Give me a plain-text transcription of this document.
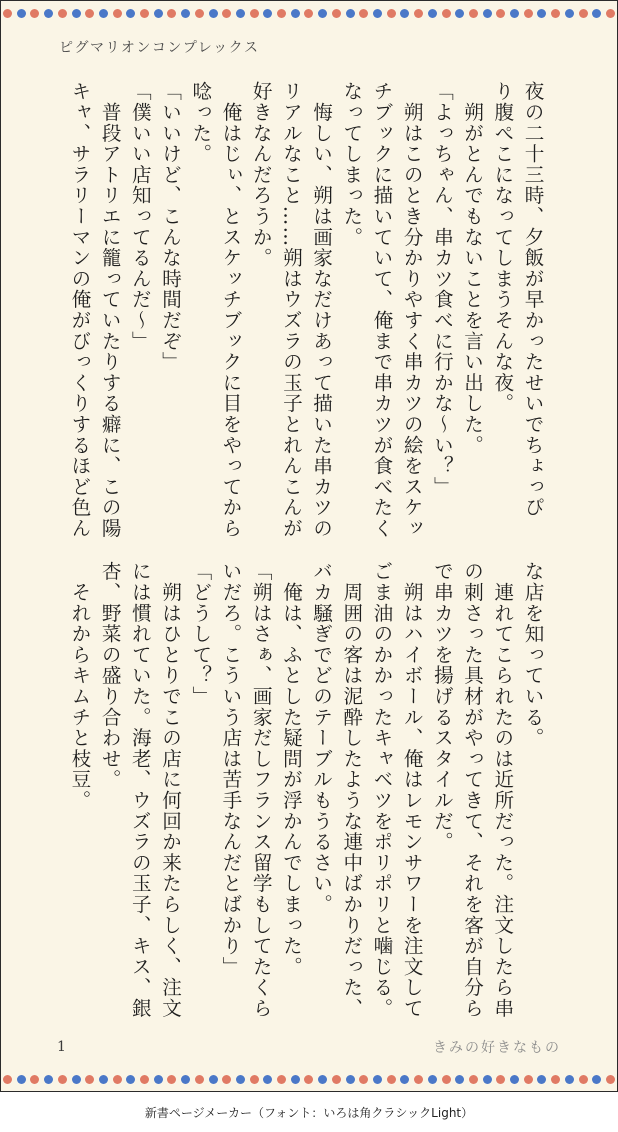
ピグマリオンコンプレックス
夜の二十三時、夕飯が早かったせいでちょっぴ
り腹ぺこになってしまうそんな夜。
　朔がとんでもないことを言い出した。
「よっちゃん、串カツ食べに行かな〜い？」
　朔はこのとき分かりやすく串カツの絵をスケッ
チブックに描いていて、俺まで串カツが食べたく
なってしまった。
　悔しい、朔は画家なだけあって描いた串カツの
リアルなこと……朔はウズラの玉子とれんこんが
好きなんだろうか。
　俺はじぃ、とスケッチブックに目をやってから
唸った。
「いいけど、こんな時間だぞ」
「僕いい店知ってるんだ〜」
　普段アトリエに籠っていたりする癖に、この陽
キャ、サラリーマンの俺がびっくりするほど色ん
な店を知っている。
　連れてこられたのは近所だった。注文したら串
の刺さった具材がやってきて、それを客が自分ら
で串カツを揚げるスタイルだ。
　朔はハイボール、俺はレモンサワーを注文して
ごま油のかかったキャベツをポリポリと噛じる。
　周囲の客は泥酔したような連中ばかりだった、
バカ騒ぎでどのテーブルもうるさい。
　俺は、ふとした疑問が浮かんでしまった。
「朔はさぁ、画家だしフランス留学もしてたくら
いだろ。こういう店は苦手なんだとばかり」
「どうして？」
　朔はひとりでこの店に何回か来たらしく、注文
には慣れていた。海老、ウズラの玉子、キス、銀
杏、野菜の盛り合わせ。
　それからキムチと枝豆。
1	きみの好きなもの
新書ページメーカー（フォント：いろは角クラシックLight）
